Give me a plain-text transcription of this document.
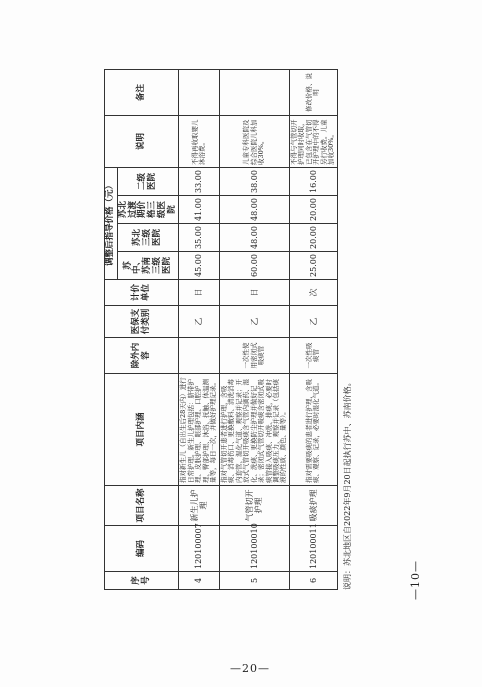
序号	编码	项目名称	项目内涵	除外内容	医保支付类别	计价单位	调整后指导价格（元）				说明	备注
							苏中、苏南三级医院	苏北三级医院	苏北过渡期价格三级医院	二级医院		
4	120100007	新生儿护理	指对新生儿（自出生后28天内）进行日常护理。新生儿护理包括：脐带护理、皮肤护理、眼部护理、口腔护理、臀部护理、沐浴、抚触、体温测量等，每日一次，并做好护理记录。		乙	日	45.00	35.00	41.00	33.00	不得再收取婴儿沐浴费。	
5	120100010	气管切开护理	指对气管切开患者进行护理，含吸痰、消毒伤口、更换敷料、清洗消毒内套管、湿化气道、观察并记录；开放式气管切开吸痰含气管内滴药、湿化、洗痰、更换防尘护理并做好记录；密闭式气管切开吸痰含密闭式吸痰管接入吸痰、冲洗、排痰，必要时调整吸痰压力，观察并记录（包括痰液的性质、颜色、量等）。	一次性使用密闭式吸痰管	乙	日	60.00	48.00	48.00	38.00	儿童专科医院及综合医院儿科加收30%。	
6	120100011	吸痰护理	指对需要吸痰的患者进行护理，含吸痰、观察、记录，必要时湿化气道。	一次性吸痰管	乙	次	25.00	20.00	20.00	16.00	不得与气管切开护理同时收取，已包含在气管切开护理中的不得另行收费。儿童加收30%。	修改价格、说明
说明：苏北地区自2022年9月20日起执行苏中、苏南价格。	—10—
—20—
